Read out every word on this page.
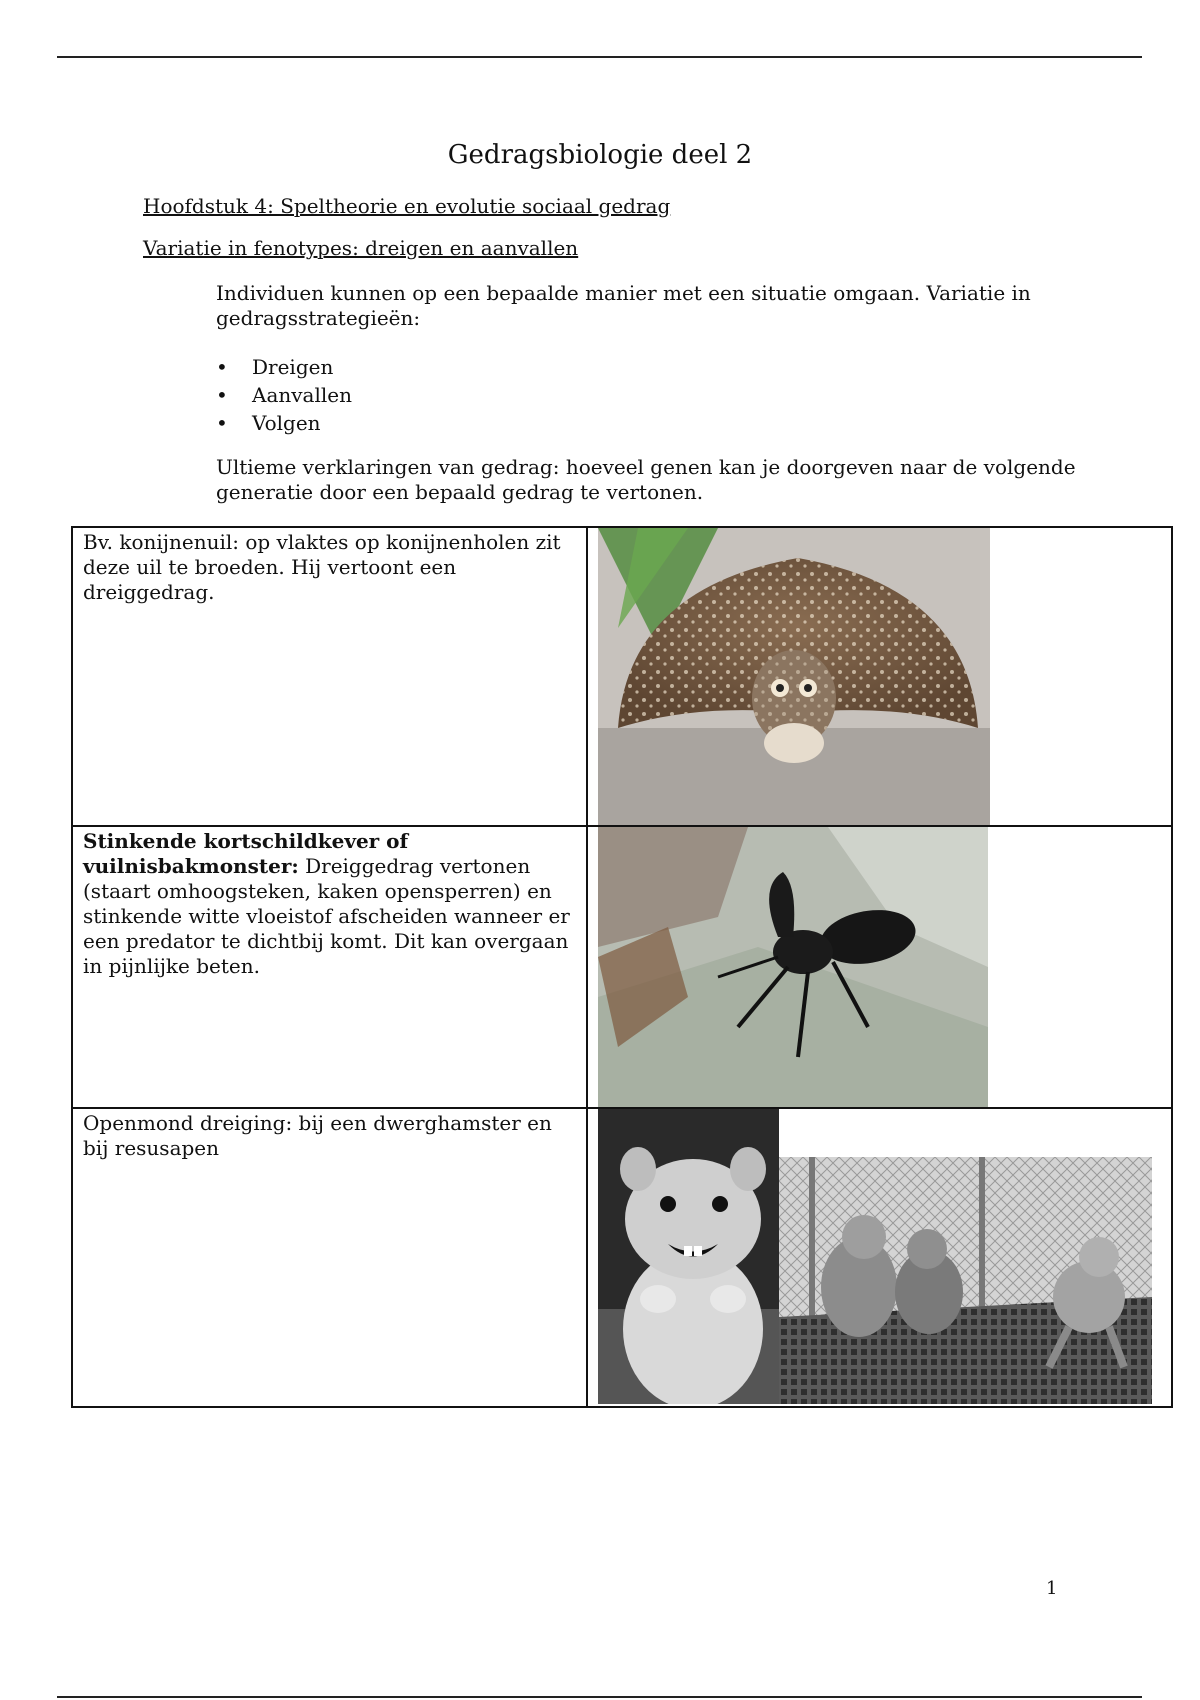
Gedragsbiologie deel 2
Hoofdstuk 4: Speltheorie en evolutie sociaal gedrag
Variatie in fenotypes: dreigen en aanvallen

Individuen kunnen op een bepaalde manier met een situatie omgaan. Variatie in gedragsstrategieën:

• Dreigen
• Aanvallen
• Volgen

Ultieme verklaringen van gedrag: hoeveel genen kan je doorgeven naar de volgende generatie door een bepaald gedrag te vertonen.

Bv. konijnenuil: op vlaktes op konijnenholen zit deze uil te broeden. Hij vertoont een dreiggedrag.
Stinkende kortschildkever of vuilnisbakmonster: Dreiggedrag vertonen (staart omhoogsteken, kaken opensperren) en stinkende witte vloeistof afscheiden wanneer er een predator te dichtbij komt. Dit kan overgaan in pijnlijke beten.
Openmond dreiging: bij een dwerghamster en bij resusapen
1
